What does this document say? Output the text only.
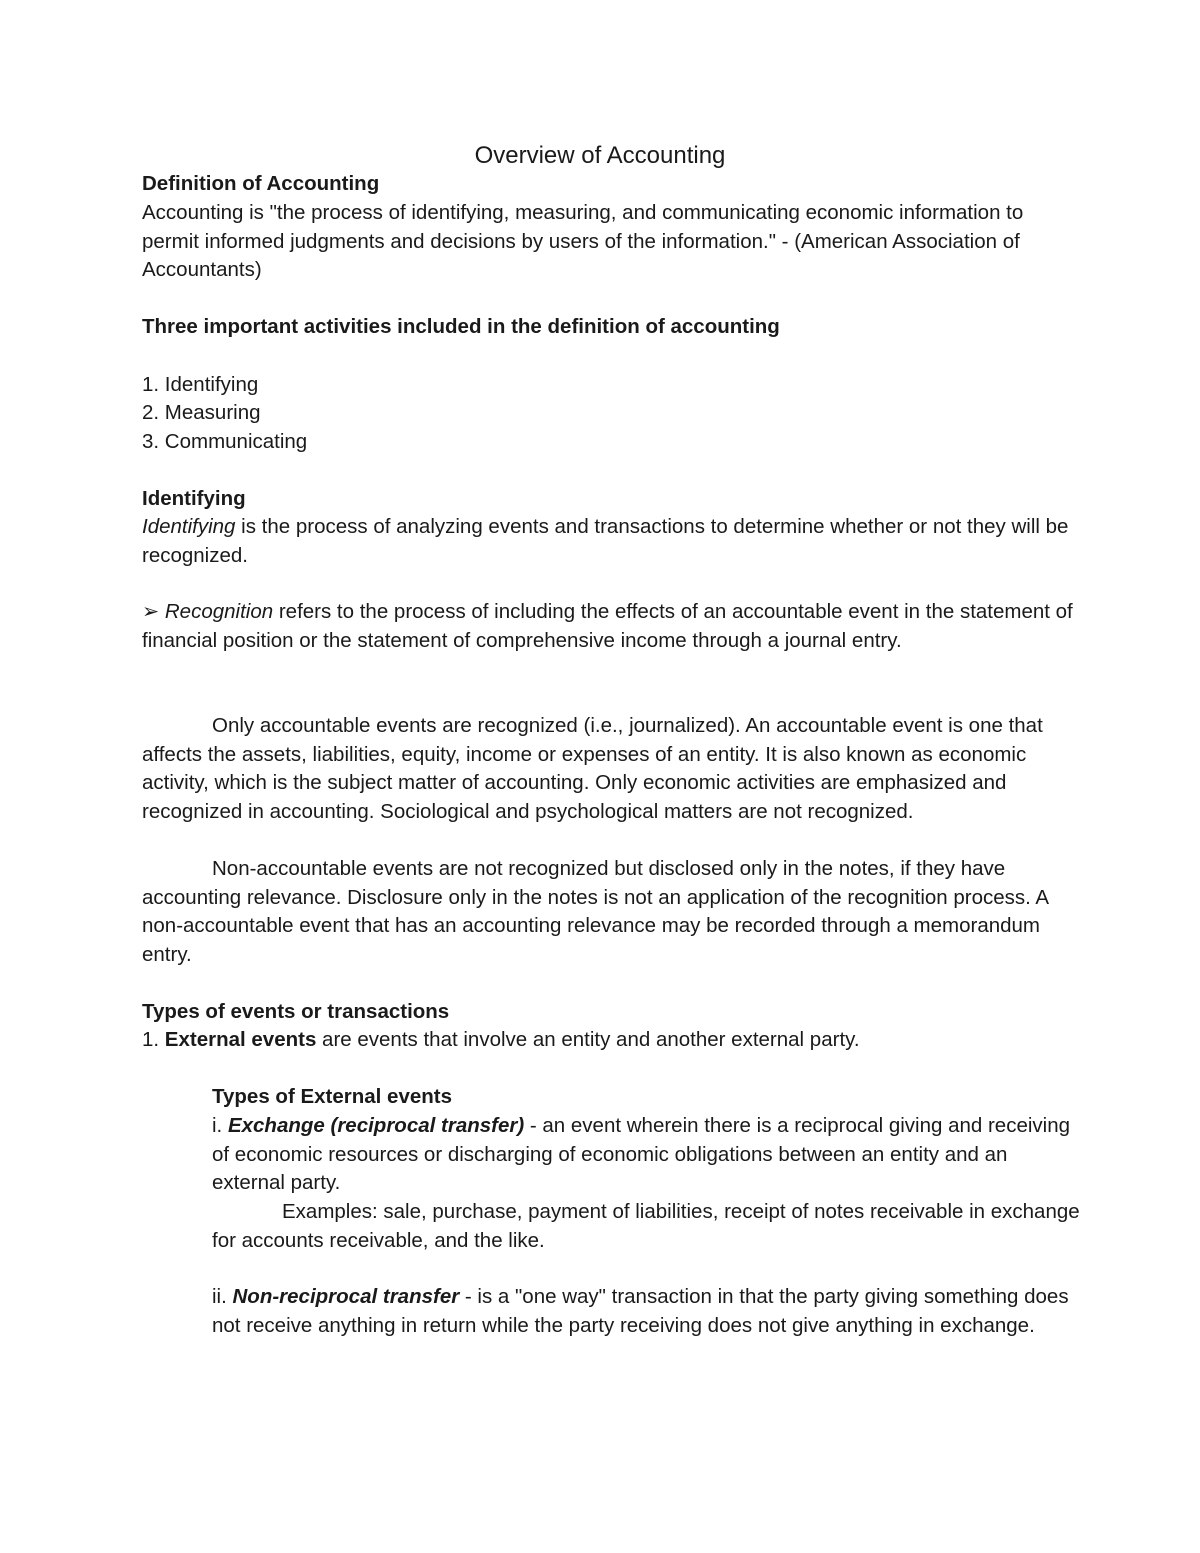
Overview of Accounting

Definition of Accounting

Accounting is "the process of identifying, measuring, and communicating economic information to permit informed judgments and decisions by users of the information." - (American Association of Accountants)

Three important activities included in the definition of accounting

1. Identifying

2. Measuring

3. Communicating

Identifying

Identifying is the process of analyzing events and transactions to determine whether or not they will be recognized.

➢ Recognition refers to the process of including the effects of an accountable event in the statement of financial position or the statement of comprehensive income through a journal entry.

Only accountable events are recognized (i.e., journalized). An accountable event is one that affects the assets, liabilities, equity, income or expenses of an entity. It is also known as economic activity, which is the subject matter of accounting. Only economic activities are emphasized and recognized in accounting. Sociological and psychological matters are not recognized.

Non-accountable events are not recognized but disclosed only in the notes, if they have accounting relevance. Disclosure only in the notes is not an application of the recognition process. A non-accountable event that has an accounting relevance may be recorded through a memorandum entry.

Types of events or transactions

1. External events are events that involve an entity and another external party.

Types of External events

i. Exchange (reciprocal transfer) - an event wherein there is a reciprocal giving and receiving of economic resources or discharging of economic obligations between an entity and an external party.

Examples: sale, purchase, payment of liabilities, receipt of notes receivable in exchange for accounts receivable, and the like.

ii. Non-reciprocal transfer - is a "one way" transaction in that the party giving something does not receive anything in return while the party receiving does not give anything in exchange.
